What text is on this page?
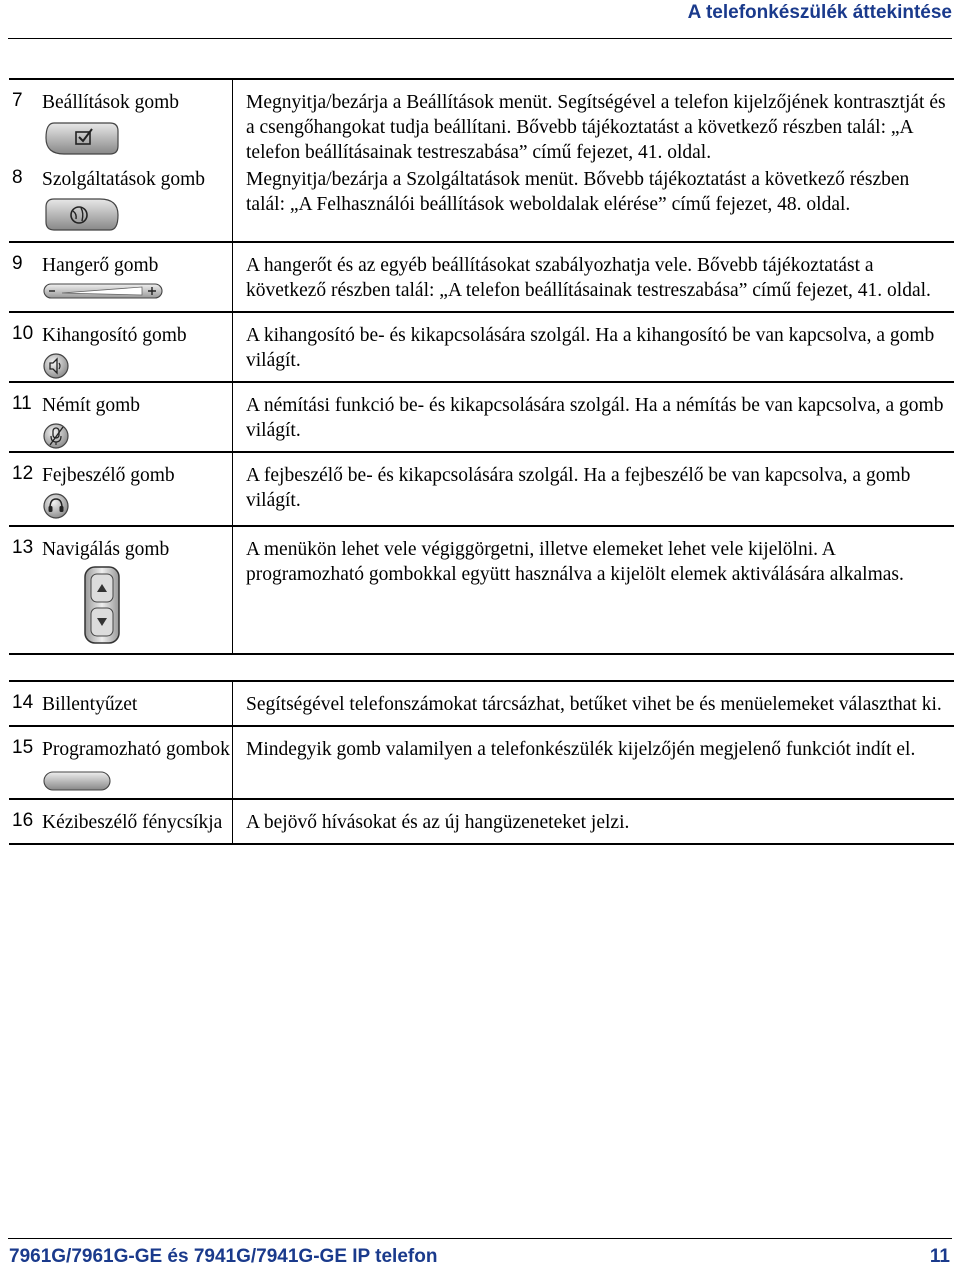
A telefonkészülék áttekintése
7	Beállítások gomb	Megnyitja/bezárja a Beállítások menüt. Segítségével a telefon kijelzőjének kontrasztját és a csengőhangokat tudja beállítani. Bővebb tájékoztatást a következő részben talál: „A telefon beállításainak testreszabása” című fejezet, 41. oldal.

8	Szolgáltatások gomb	Megnyitja/bezárja a Szolgáltatások menüt. Bővebb tájékoztatást a következő részben talál: „A Felhasználói beállítások weboldalak elérése” című fejezet, 48. oldal.

9	Hangerő gomb	A hangerőt és az egyéb beállításokat szabályozhatja vele. Bővebb tájékoztatást a következő részben talál: „A telefon beállításainak testreszabása” című fejezet, 41. oldal.

10	Kihangosító gomb	A kihangosító be- és kikapcsolására szolgál. Ha a kihangosító be van kapcsolva, a gomb világít.

11	Némít gomb	A némítási funkció be- és kikapcsolására szolgál. Ha a némítás be van kapcsolva, a gomb világít.

12	Fejbeszélő gomb	A fejbeszélő be- és kikapcsolására szolgál. Ha a fejbeszélő be van kapcsolva, a gomb világít.

13	Navigálás gomb	A menükön lehet vele végiggörgetni, illetve elemeket lehet vele kijelölni. A programozható gombokkal együtt használva a kijelölt elemek aktiválására alkalmas.

14	Billentyűzet	Segítségével telefonszámokat tárcsázhat, betűket vihet be és menüelemeket választhat ki.

15	Programozható gombok	Mindegyik gomb valamilyen a telefonkészülék kijelzőjén megjelenő funkciót indít el.

16	Kézibeszélő fénycsíkja	A bejövő hívásokat és az új hangüzeneteket jelzi.
7961G/7961G-GE és 7941G/7941G-GE IP telefon	11
